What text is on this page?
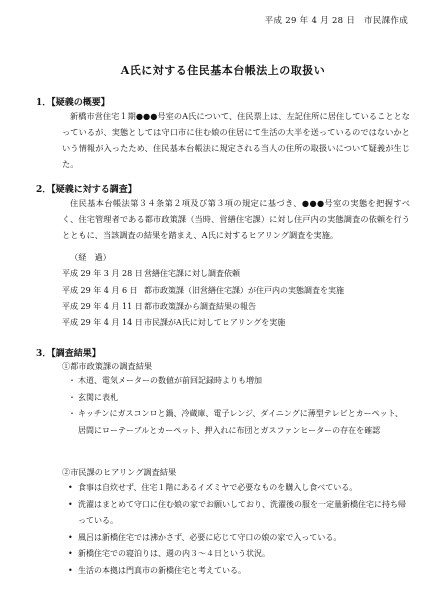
平成 29 年 4 月 28 日　市民課作成
A氏に対する住民基本台帳法上の取扱い
1．【疑義の概要】
新橋市営住宅１期●●●号室のA氏について、住民票上は、左記住所に居住していることとなっているが、実態としては守口市に住む娘の住居にて生活の大半を送っているのではないかという情報が入ったため、住民基本台帳法に規定される当人の住所の取扱いについて疑義が生じた。
2．【疑義に対する調査】
住民基本台帳法第３４条第２項及び第３項の規定に基づき、●●●号室の実態を把握すべく、住宅管理者である都市政策課（当時、営繕住宅課）に対し住戸内の実態調査の依頼を行うとともに、当該調査の結果を踏まえ、A氏に対するヒアリング調査を実施。
（経　過）
平成 29 年 3 月 28 日営繕住宅課に対し調査依頼
平成 29 年 4 月 6 日 都市政策課（旧営繕住宅課）が住戸内の実態調査を実施
平成 29 年 4 月 11 日都市政策課から調査結果の報告
平成 29 年 4 月 14 日市民課がA氏に対してヒアリングを実施
3．【調査結果】
①都市政策課の調査結果
・ 木道、電気メーターの数値が前回記録時よりも増加
・ 玄関に表札
・ キッチンにガスコンロと鍋、冷蔵庫、電子レンジ、ダイニングに薄型テレビとカーペット、居間にローテーブルとカーペット、押入れに布団とガスファンヒーターの存在を確認
②市民課のヒアリング調査結果
• 食事は自炊せず、住宅１階にあるイズミヤで必要なものを購入し食べている。
• 洗濯はまとめて守口に住む娘の家でお願いしており、洗濯後の服を一定量新橋住宅に持ち帰っている。
• 風呂は新橋住宅では沸かさず、必要に応じて守口の娘の家で入っている。
• 新橋住宅での寝泊りは、週の内３～４日という状況。
• 生活の本拠は門真市の新橋住宅と考えている。
